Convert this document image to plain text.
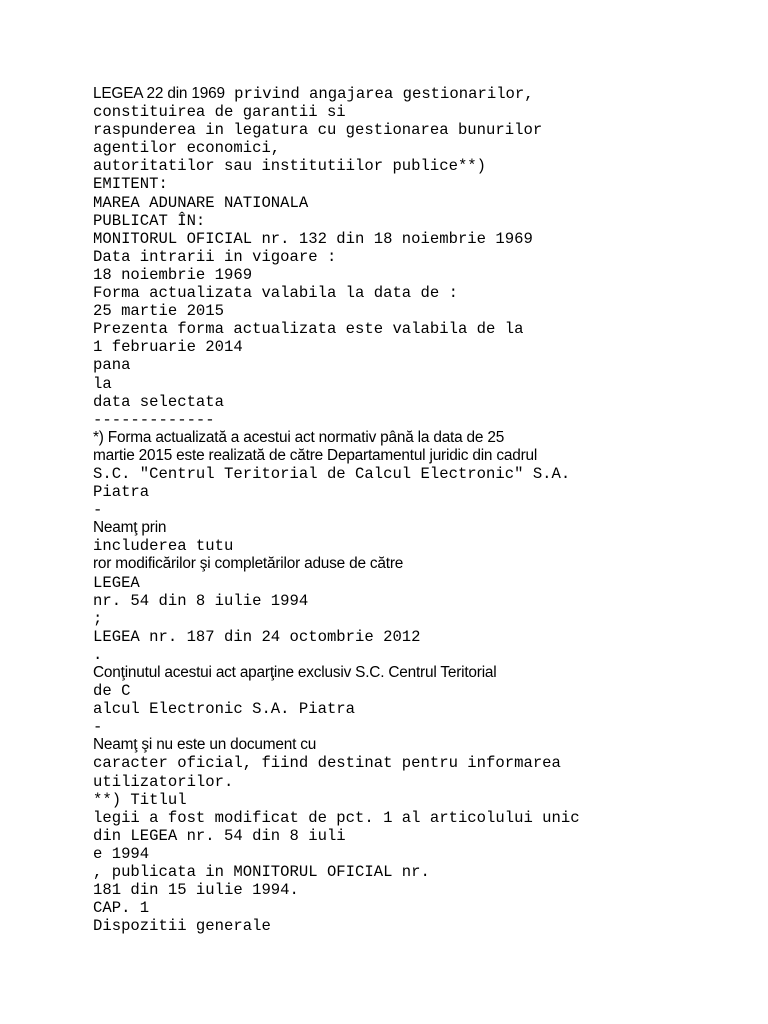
LEGEA 22 din 1969 privind angajarea gestionarilor,
constituirea de garantii si
raspunderea in legatura cu gestionarea bunurilor
agentilor economici,
autoritatilor sau institutiilor publice**)
EMITENT:
MAREA ADUNARE NATIONALA
PUBLICAT ÎN:
MONITORUL OFICIAL nr. 132 din 18 noiembrie 1969
Data intrarii in vigoare :
18 noiembrie 1969
Forma actualizata valabila la data de :
25 martie 2015
Prezenta forma actualizata este valabila de la
1 februarie 2014
pana
la
data selectata
-------------
*) Forma actualizată a acestui act normativ până la data de 25
martie 2015 este realizată de către Departamentul juridic din cadrul
S.C. "Centrul Teritorial de Calcul Electronic" S.A.
Piatra
-
Neamţ prin
includerea tutu
ror modificărilor şi completărilor aduse de către
LEGEA
nr. 54 din 8 iulie 1994
;
LEGEA nr. 187 din 24 octombrie 2012
.
Conţinutul acestui act aparţine exclusiv S.C. Centrul Teritorial
de C
alcul Electronic S.A. Piatra
-
Neamţ şi nu este un document cu
caracter oficial, fiind destinat pentru informarea
utilizatorilor.
**) Titlul
legii a fost modificat de pct. 1 al articolului unic
din LEGEA nr. 54 din 8 iuli
e 1994
, publicata in MONITORUL OFICIAL nr.
181 din 15 iulie 1994.
CAP. 1
Dispozitii generale
